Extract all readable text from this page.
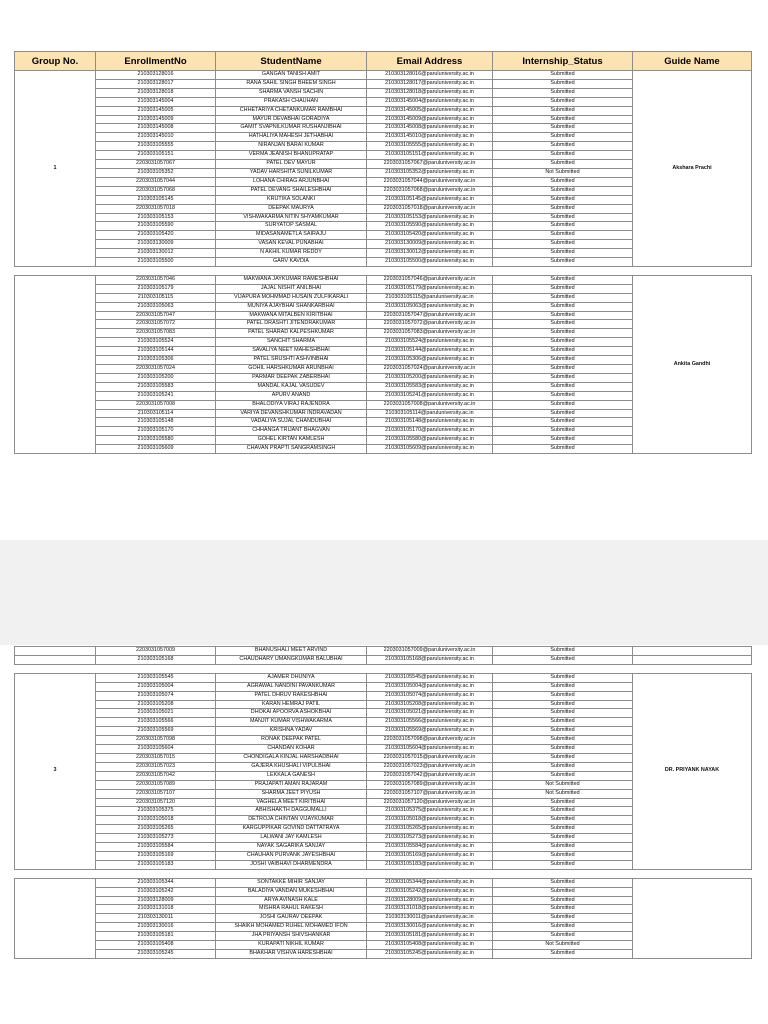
Group No.	EnrollmentNo	StudentName	Email Address	Internship_Status	Guide Name
1	210303128016	GANGAN TANISH AMIT	210303128016@paruluniversity.ac.in	Submitted	Akshara Prachi
	210303128017	RANA SAHIL SINGH BHEEM SINGH	210303128017@paruluniversity.ac.in	Submitted	
	210303128018	SHARMA VANSH SACHIN	210303128018@paruluniversity.ac.in	Submitted	
	210303145004	PRAKASH CHAUHAN	210303145004@paruluniversity.ac.in	Submitted	
	210303145005	CHHETARIYA CHETANKUMAR RAMBHAI	210303145005@paruluniversity.ac.in	Submitted	
	210303145009	MAYUR DEVABHAI GORADIYA	210303145009@paruluniversity.ac.in	Submitted	
	210303145008	GAMIT SVAPNILKUMAR RUSHANJIBHAI	210303145008@paruluniversity.ac.in	Submitted	
	210303145010	HATHALIYA MAHESH JETHABHAI	210303145010@paruluniversity.ac.in	Submitted	
	210303105555	NIRANJAN BARAI KUMAR	210303105555@paruluniversity.ac.in	Submitted	
	210303105151	VERMA JEANISH BHANUPRATAP	210303105151@paruluniversity.ac.in	Submitted	
	2203031057067	PATEL DEV MAYUR	2203031057067@paruluniversity.ac.in	Submitted	
	210303105352	YADAV HARSHITA SUNILKUMAR	210303105352@paruluniversity.ac.in	Not Submitted	
	2203031057044	LOHANA CHIRAG ARJUNBHAI	2203031057044@paruluniversity.ac.in	Submitted	
	2203031057068	PATEL DEVANG SHAILESHBHAI	2203031057068@paruluniversity.ac.in	Submitted	
	210303105145	KRUTIKA SOLANKI	210303105145@paruluniversity.ac.in	Submitted	
	2203031057018	DEEPAK MAURYA	2203031057018@paruluniversity.ac.in	Submitted	
	210303105153	VISHWAKARMA NITIN SHYAMKUMAR	210303105153@paruluniversity.ac.in	Submitted	
	210303105590	SURYATOP SASMAL	210303105590@paruluniversity.ac.in	Submitted	
	210303105420	MIDASANAMETLA SAIRAJU	210303105420@paruluniversity.ac.in	Submitted	
	210303130009	VASAN KEVAL PUNABHAI	210303130009@paruluniversity.ac.in	Submitted	
	210303130012	N AKHIL KUMAR REDDY	210303130012@paruluniversity.ac.in	Submitted	
	210303105500	GARV KAVDIA	210303105500@paruluniversity.ac.in	Submitted	

	2203031057046	MAKWANA JAYKUMAR RAMESHBHAI	2203031057046@paruluniversity.ac.in	Submitted	Ankita Gandhi
	210303105179	JAJAL NISHIT ANILBHAI	210303105179@paruluniversity.ac.in	Submitted	
	210303105115	VIJAPURA MOHMMAD HUSAIN ZULFIKARALI	210303105115@paruluniversity.ac.in	Submitted	
	210303105063	MUNIYA AJAYBHAI SHANKARBHAI	210303105063@paruluniversity.ac.in	Submitted	
	2203031057047	MAKWANA MITALBEN KIRITBHAI	2203031057047@paruluniversity.ac.in	Submitted	
	2203031057072	PATEL DRASHTI JITENDRAKUMAR	2203031057072@paruluniversity.ac.in	Submitted	
	2203031057083	PATEL SHARAD KALPESHKUMAR	2203031057083@paruluniversity.ac.in	Submitted	
	210303105524	SANCHIT SHARMA	210303105524@paruluniversity.ac.in	Submitted	
	210303105144	SAVALIYA NEET MAHESHBHAI	210303105144@paruluniversity.ac.in	Submitted	
	210303105306	PATEL SRUSHTI ASHVINBHAI	210303105306@paruluniversity.ac.in	Submitted	
	2203031057024	GOHIL HARSHKUMAR ARUNBHAI	2203031057024@paruluniversity.ac.in	Submitted	
	210303105200	PARMAR DEEPAK ZABERBHAI	210303105200@paruluniversity.ac.in	Submitted	
	210303105583	MANDAL KAJAL VASUDEV	210303105583@paruluniversity.ac.in	Submitted	
	210303105241	APURV ANAND	210303105241@paruluniversity.ac.in	Submitted	
	2203031057008	BHALODIYA VIRAJ RAJENDRA	2203031057008@paruluniversity.ac.in	Submitted	
	210303105114	VARIYA DEVANSHKUMAR INDRAVADAN	210303105114@paruluniversity.ac.in	Submitted	
	210303105148	VADALIYA SUJAL CHANDUBHAI	210303105148@paruluniversity.ac.in	Submitted	
	210303105170	CHHANGA TRIJANT BHAGVAN	210303105170@paruluniversity.ac.in	Submitted	
	210303105580	GOHEL KIRTAN KAMLESH	210303105580@paruluniversity.ac.in	Submitted	
	210303105609	CHAVAN PRAPTI SANGRAMSINGH	210303105609@paruluniversity.ac.in	Submitted	
	2203031057009	BHANUSHALI MEET ARVIND	2203031057009@paruluniversity.ac.in	Submitted	
	210303105168	CHAUDHARY UMANGKUMAR BALUBHAI	210303105168@paruluniversity.ac.in	Submitted	

3	210303105545	AJAMER DHUNIYA	210303105545@paruluniversity.ac.in	Submitted	DR. PRIYANK NAYAK
	210303105004	AGRAWAL NANDINI PAVANKUMAR	210303105004@paruluniversity.ac.in	Submitted	
	210303105074	PATEL DHRUV RAKESHBHAI	210303105074@paruluniversity.ac.in	Submitted	
	210303105208	KARAN HEMRAJ PATIL	210303105208@paruluniversity.ac.in	Submitted	
	210303105021	DHOKAI APOORVA ASHOKBHAI	210303105021@paruluniversity.ac.in	Submitted	
	210303105566	MANJIT KUMAR VISHWAKARMA	210303105566@paruluniversity.ac.in	Submitted	
	210303105569	KRISHNA YADAV	210303105569@paruluniversity.ac.in	Submitted	
	2203031057098	RONAK DEEPAK PATEL	2203031057098@paruluniversity.ac.in	Submitted	
	210303105604	CHANDAN KOHAR	210303105604@paruluniversity.ac.in	Submitted	
	2203031057015	CHONDIGALA KINJAL HARSHADBHAI	2203031057015@paruluniversity.ac.in	Submitted	
	2203031057023	GAJERA KHUSHALI VIPULBHAI	2203031057023@paruluniversity.ac.in	Submitted	
	2203031057042	LEKKALA GANESH	2203031057042@paruluniversity.ac.in	Submitted	
	2203031057089	PRAJAPATI AMAN RAJARAM	2203031057089@paruluniversity.ac.in	Not Submitted	
	2203031057107	SHARMA JEET PIYUSH	2203031057107@paruluniversity.ac.in	Not Submitted	
	2203031057120	VAGHELA MEET KIRITBHAI	2203031057120@paruluniversity.ac.in	Submitted	
	210303105375	ABHISHAKTH DAGGUMALLI	210303105375@paruluniversity.ac.in	Submitted	
	210303105018	DETROJA CHINTAN VIJAYKUMAR	210303105018@paruluniversity.ac.in	Submitted	
	210303105265	KARGUPPIKAR GOVIND DATTATRAYA	210303105265@paruluniversity.ac.in	Submitted	
	210303105273	LALWANI JAY KAMLESH	210303105273@paruluniversity.ac.in	Submitted	
	210303105584	NAYAK SAGARIKA SANJAY	210303105584@paruluniversity.ac.in	Submitted	
	210303105169	CHAUHAN PURVANK JAYESHBHAI	210303105169@paruluniversity.ac.in	Submitted	
	210303105183	JOSHI VAIBHAVI DHARMENDRA	210303105183@paruluniversity.ac.in	Submitted	

	210303105344	SONTAKKE MIHIR SANJAY	210303105344@paruluniversity.ac.in	Submitted	
	210303105242	BALADIYA VANDAN MUKESHBHAI	210303105242@paruluniversity.ac.in	Submitted	
	210303128009	ARYA AVINASH KALE	210303128009@paruluniversity.ac.in	Submitted	
	210303131018	MISHRA RAHUL RAKESH	210303131018@paruluniversity.ac.in	Submitted	
	210303130011	JOSHI GAURAV DEEPAK	210303130011@paruluniversity.ac.in	Submitted	
	210303130016	SHAIKH MOHAMED RUHEL MOHAMED IFON	210303130016@paruluniversity.ac.in	Submitted	
	210303105181	JHA PRIYANSH SHIVSHANKAR	210303105181@paruluniversity.ac.in	Submitted	
	210303105408	KURAPATI NIKHIL KUMAR	210303105408@paruluniversity.ac.in	Not Submitted	
	210303105245	BHAKHAR VISHVA HARESHBHAI	210303105245@paruluniversity.ac.in	Submitted	
